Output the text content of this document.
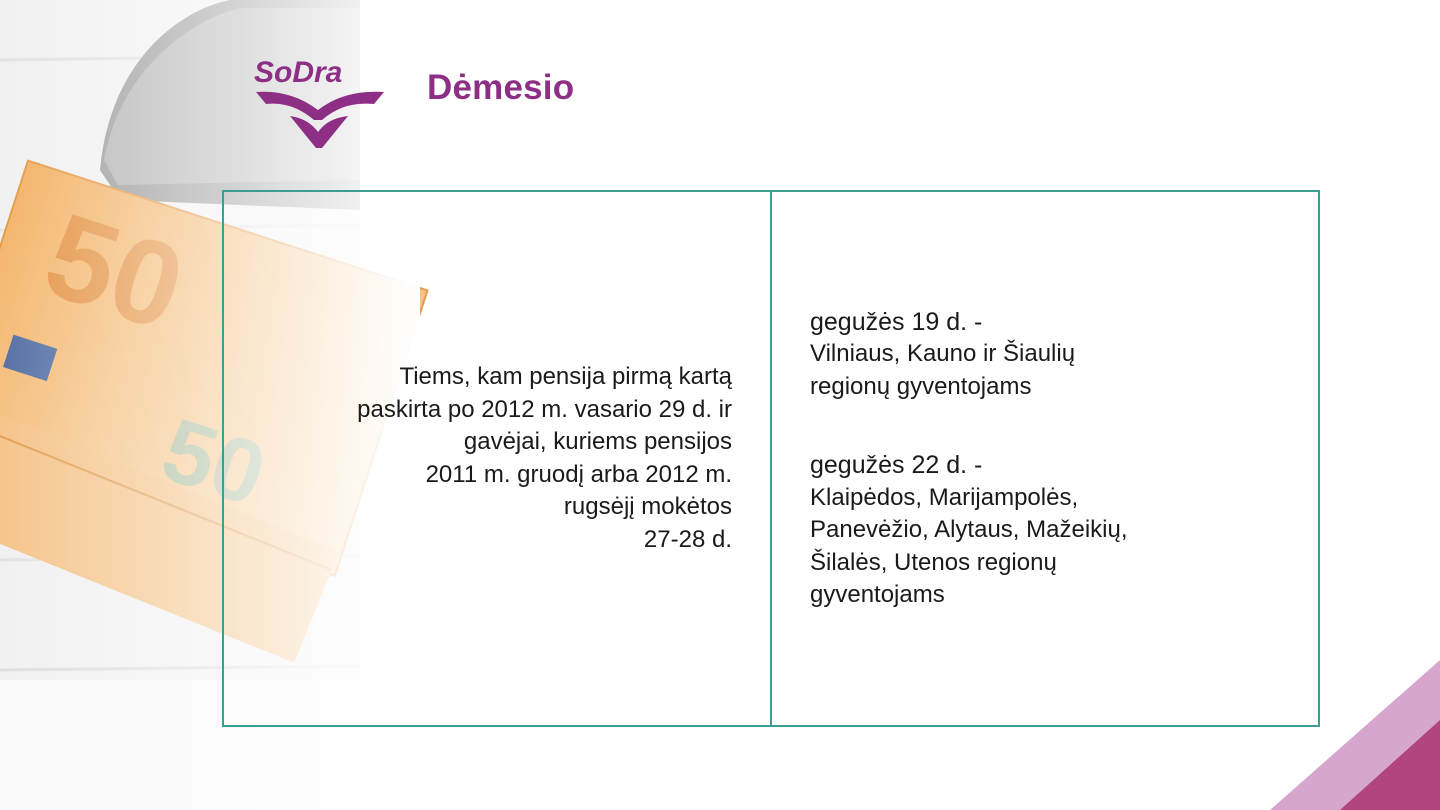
SoDra Dėmesio
Tiems, kam pensija pirmą kartą
paskirta po 2012 m. vasario 29 d. ir
gavėjai, kuriems pensijos
2011 m. gruodį arba 2012 m.
rugsėjį mokėtos
27-28 d.
gegužės 19 d. -
Vilniaus, Kauno ir Šiaulių
regionų gyventojams
gegužės 22 d. -
Klaipėdos, Marijampolės,
Panevėžio, Alytaus, Mažeikių,
Šilalės, Utenos regionų
gyventojams
